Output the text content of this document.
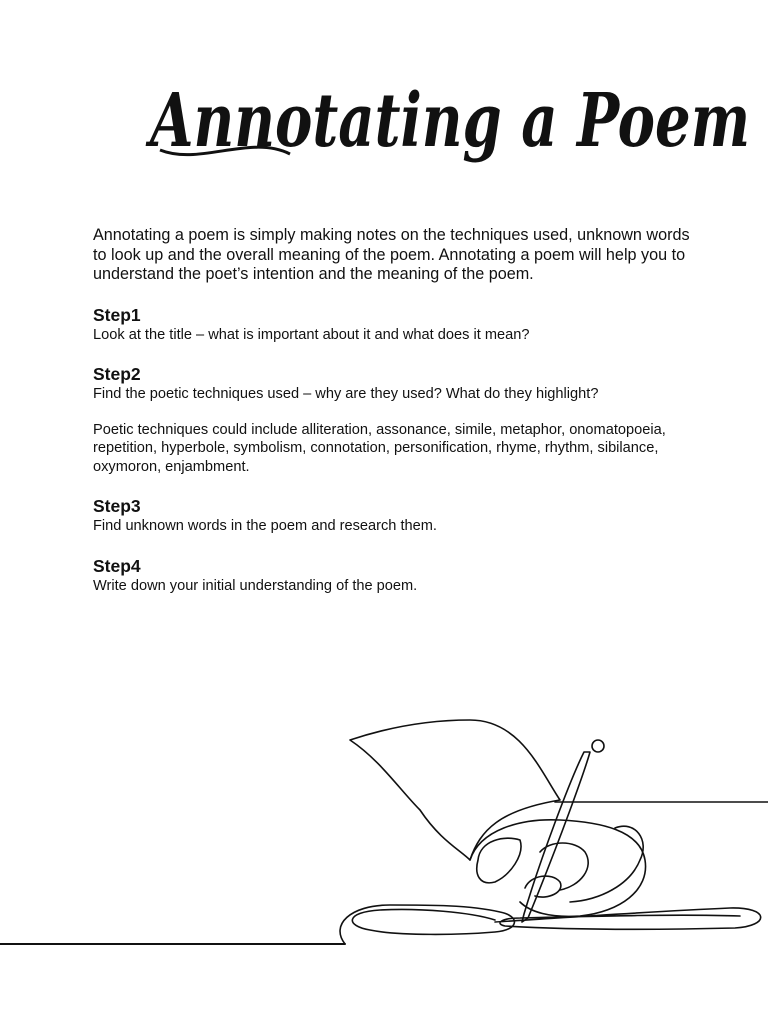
Annotating a Poem

Annotating a poem is simply making notes on the techniques used, unknown words to look up and the overall meaning of the poem. Annotating a poem will help you to understand the poet’s intention and the meaning of the poem.

Step1

Look at the title – what is important about it and what does it mean?

Step2

Find the poetic techniques used – why are they used? What do they highlight?

Poetic techniques could include alliteration, assonance, simile, metaphor, onomatopoeia, repetition, hyperbole, symbolism, connotation, personification, rhyme, rhythm, sibilance, oxymoron, enjambment.

Step3

Find unknown words in the poem and research them.

Step4

Write down your initial understanding of the poem.
